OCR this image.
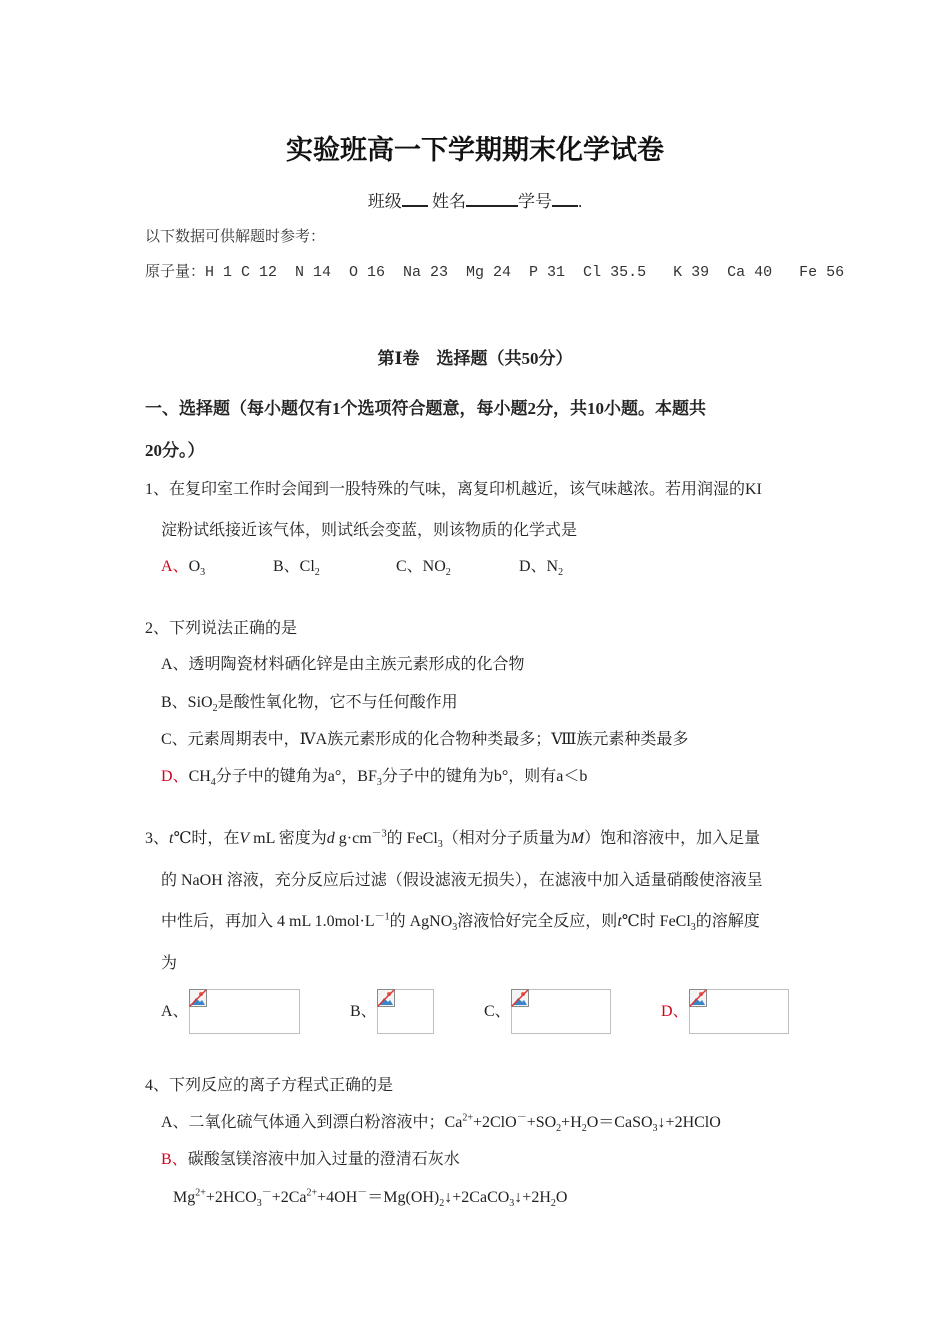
实验班高一下学期期末化学试卷
班级 姓名	学号 .
以下数据可供解题时参考：
原子量：H 1 C 12  N 14  O 16  Na 23  Mg 24  P 31  Cl 35.5   K 39  Ca 40   Fe 56
第Ⅰ卷　选择题（共50分）
一、选择题（每小题仅有1个选项符合题意，每小题2分，共10小题。本题共
20分。）
1、在复印室工作时会闻到一股特殊的气味，离复印机越近，该气味越浓。若用润湿的KI
淀粉试纸接近该气体，则试纸会变蓝，则该物质的化学式是
A、$O_3$	B、$Cl_2$	C、$NO_2$	D、$N_2$
2、下列说法正确的是
A、透明陶瓷材料硒化锌是由主族元素形成的化合物
B、SiO$_2$是酸性氧化物，它不与任何酸作用
C、元素周期表中，ⅣA族元素形成的化合物种类最多；Ⅷ族元素种类最多
D、$CH_4$分子中的键角为a°，$BF_3$分子中的键角为b°，则有a＜b
3、t℃时，在V mL 密度为d $g\cdot cm^{-3}$的 FeCl$_3$（相对分子质量为M）饱和溶液中，加入足量
的 NaOH 溶液，充分反应后过滤（假设滤液无损失），在滤液中加入适量硝酸使溶液呈
中性后，再加入 4 mL $1.0mol\cdot L^{-1}$的 AgNO$_3$溶液恰好完全反应，则t℃时 FeCl$_3$的溶解度
为
A、	B、	C、	D、
4、下列反应的离子方程式正确的是
A、二氧化硫气体通入到漂白粉溶液中；$Ca^{2+}+2ClO^-+SO_2+H_2O=CaSO_3↓+2HClO$
B、碳酸氢镁溶液中加入过量的澄清石灰水
$Mg^{2+}+2HCO_3^-+2Ca^{2+}+4OH^-=Mg(OH)_2↓+2CaCO_3↓+2H_2O$
